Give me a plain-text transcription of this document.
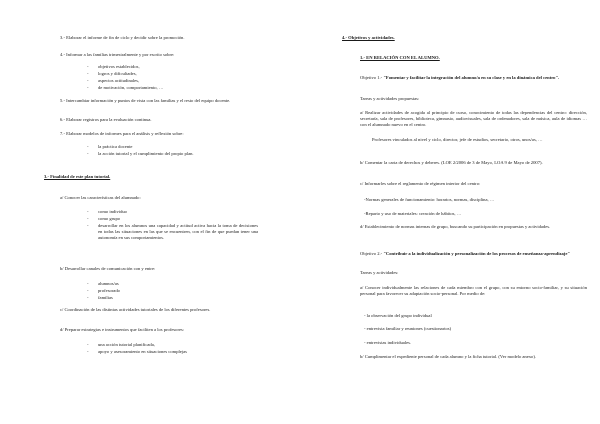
3.- Elaborar el informe de fin de ciclo y decidir sobre la promoción.

4.- Informar a las familias trimestralmente y por escrito sobre:

- objetivos establecidos,

- logros y dificultades,

- aspectos actitudinales,

- de motivación, comportamiento, …

5.- Intercambiar información y puntos de vista con las familias y el resto del equipo docente.

6.- Elaborar registros para la evaluación continua.

7.- Elaborar modelos de informes para el análisis y reflexión sobre:

- la práctica docente

- la acción tutorial y el cumplimiento del propio plan.

3.- Finalidad de este plan tutorial.

a/ Conocer las características del alumnado:

- como individuo

- como grupo

- desarrollar en los alumnos una capacidad y actitud activa hacia la toma de decisiones en todas las situaciones en las que se encuentren, con el fin de que puedan tener una autonomía en sus comportamientos.

b/ Desarrollar canales de comunicación con y entre:

- alumnos/as

- profesorado

- familias

c/ Coordinación de las distintas actividades tutoriales de los diferentes profesores.

d/ Preparar estrategias e instrumentos que faciliten a los profesores:

- una acción tutorial planificada,

- apoyo y asesoramiento en situaciones complejas

4.- Objetivos y actividades.

1.- EN RELACIÓN CON EL ALUMNO.

Objetivo 1.- "Fomentar y facilitar la integración del alumno/a en su clase y en la dinámica del centro".

Tareas y actividades propuestas:

a/ Realizar actividades de acogida al principio de curso, conocimiento de todas las dependencias del centro: dirección, secretaría, sala de profesores, biblioteca, gimnasio, audiovisuales, sala de ordenadores, sala de música, aula de idiomas … con el alumnado nuevo en el centro.

Profesores vinculados al nivel y ciclo, director, jefe de estudios, secretario, otros, unos/as, …

b/ Comentar la carta de derechos y deberes. (LOE 2/2006 de 3 de Mayo, LOA 9 de Mayo de 2007).

c/ Informarles sobre el reglamento de régimen interior del centro:

-Normas generales de funcionamiento: horarios, normas, disciplina, …

-Reparto y uso de materiales: creación de hábitos, …

d/ Establecimiento de normas internas de grupo, buscando su participación en propuestas y actividades.

Objetivo 2.- "Contribuir a la individualización y personalización de los procesos de enseñanza-aprendizaje"

Tareas y actividades:

a/ Conocer individualmente las relaciones de cada miembro con el grupo, con su entorno socio-familiar, y su situación personal para favorecer su adaptación socio-personal. Por medio de:

- la observación del grupo individual

- entrevista familiar y reuniones (cuestionarios)

- entrevistas individuales.

b/ Cumplimentar el expediente personal de cada alumno y la ficha tutorial. (Ver modelo anexo).
